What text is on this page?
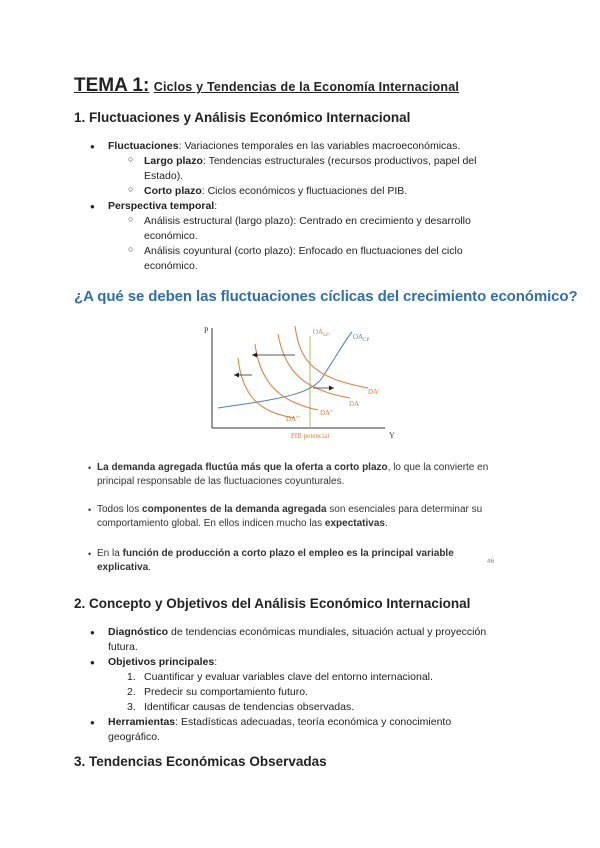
TEMA 1: Ciclos y Tendencias de la Economía Internacional
1. Fluctuaciones y Análisis Económico Internacional
● Fluctuaciones: Variaciones temporales en las variables macroeconómicas.
○ Largo plazo: Tendencias estructurales (recursos productivos, papel del
Estado).
○ Corto plazo: Ciclos económicos y fluctuaciones del PIB.
● Perspectiva temporal:
○ Análisis estructural (largo plazo): Centrado en crecimiento y desarrollo
económico.
○ Análisis coyuntural (corto plazo): Enfocado en fluctuaciones del ciclo
económico.
¿A qué se deben las fluctuaciones cíclicas del crecimiento económico?
P
Y
$OA_{LP}$	$OA_{CP}$
DA'
DA
DA''
DA'''
PIB potencial
• La demanda agregada fluctúa más que la oferta a corto plazo, lo que la convierte en
principal responsable de las fluctuaciones coyunturales.
• Todos los componentes de la demanda agregada son esenciales para determinar su
comportamiento global. En ellos indicen mucho las expectativas.
• En la función de producción a corto plazo el empleo es la principal variable
explicativa.
46
2. Concepto y Objetivos del Análisis Económico Internacional
● Diagnóstico de tendencias económicas mundiales, situación actual y proyección
futura.
● Objetivos principales:
1. Cuantificar y evaluar variables clave del entorno internacional.
2. Predecir su comportamiento futuro.
3. Identificar causas de tendencias observadas.
● Herramientas: Estadísticas adecuadas, teoría económica y conocimiento
geográfico.
3. Tendencias Económicas Observadas
